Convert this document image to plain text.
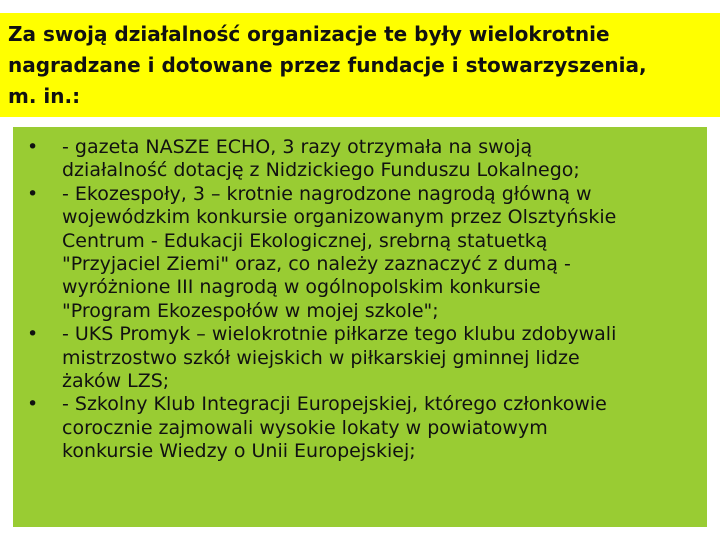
Za swoją działalność organizacje te były wielokrotnie
nagradzane i dotowane przez fundacje i stowarzyszenia,
m. in.:
•	- gazeta NASZE ECHO, 3 razy otrzymała na swoją
działalność dotację z Nidzickiego Funduszu Lokalnego;
•	- Ekozespoły, 3 – krotnie nagrodzone nagrodą główną w
wojewódzkim konkursie organizowanym przez Olsztyńskie
Centrum - Edukacji Ekologicznej, srebrną statuetką
"Przyjaciel Ziemi" oraz, co należy zaznaczyć z dumą -
wyróżnione III nagrodą w ogólnopolskim konkursie
"Program Ekozespołów w mojej szkole";
•	- UKS Promyk – wielokrotnie piłkarze tego klubu zdobywali
mistrzostwo szkół wiejskich w piłkarskiej gminnej lidze
żaków LZS;
•	- Szkolny Klub Integracji Europejskiej, którego członkowie
corocznie zajmowali wysokie lokaty w powiatowym
konkursie Wiedzy o Unii Europejskiej;
